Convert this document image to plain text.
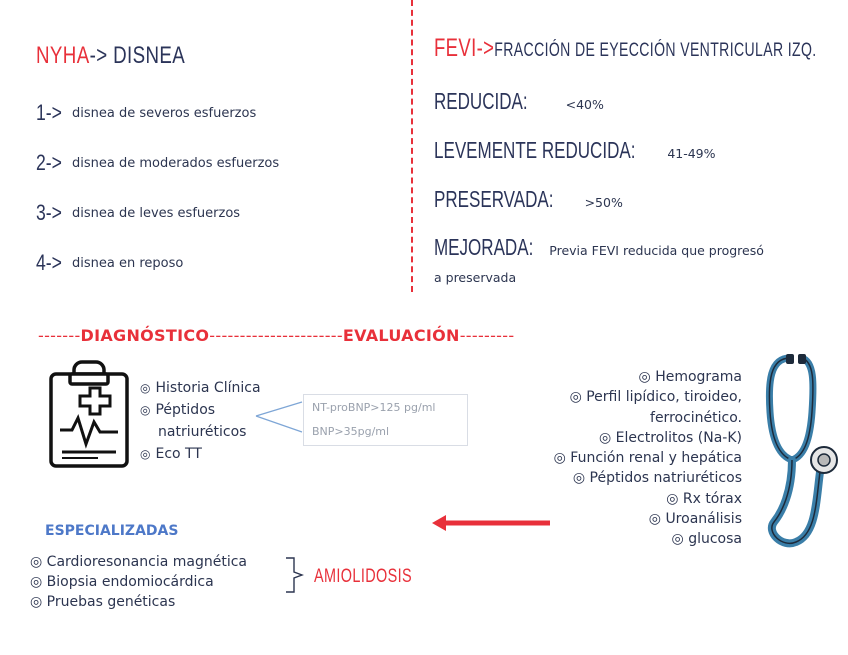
NYHA-> DISNEA
1-> disnea de severos esfuerzos
2-> disnea de moderados esfuerzos
3-> disnea de leves esfuerzos
4-> disnea en reposo
FEVI->FRACCIÓN DE EYECCIÓN VENTRICULAR IZQ.
REDUCIDA:	<40%
LEVEMENTE REDUCIDA:	41-49%
PRESERVADA: >50%
MEJORADA: Previa FEVI reducida que progresó
a preservada
-------DIAGNÓSTICO----------------------EVALUACIÓN---------
◎ Historia Clínica
◎ Péptidos
natriuréticos
◎ Eco TT
NT-proBNP>125 pg/ml
BNP>35pg/ml
◎ Hemograma
◎ Perfil lipídico, tiroideo,
ferrocinético.
◎ Electrolitos (Na-K)
◎ Función renal y hepática
◎ Péptidos natriuréticos
◎ Rx tórax
◎ Uroanálisis
◎ glucosa
ESPECIALIZADAS
◎ Cardioresonancia magnética
◎ Biopsia endomiocárdica
◎ Pruebas genéticas
AMIOLIDOSIS
